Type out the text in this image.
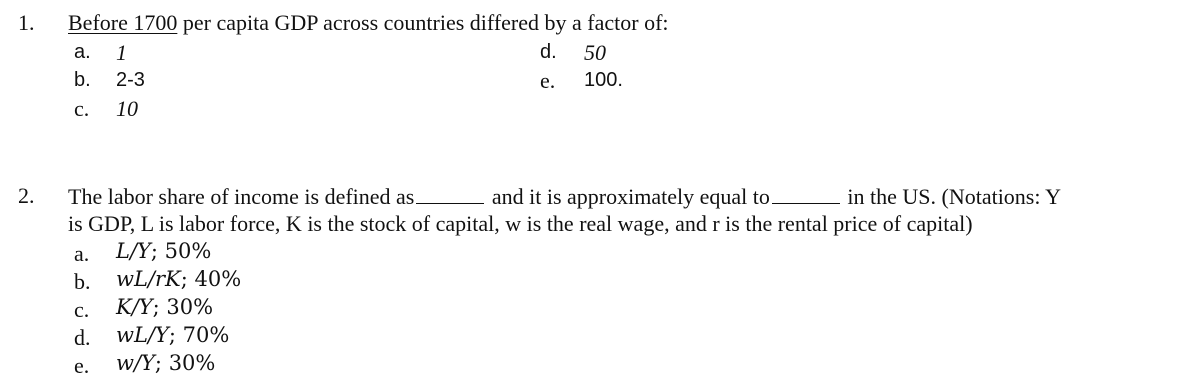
1. Before 1700 per capita GDP across countries differed by a factor of:
a. 1
b. 2-3
c. 10
d. 50
e. 100.
2. The labor share of income is defined as	and it is approximately equal to	in the US. (Notations: Y
is GDP, L is labor force, K is the stock of capital, w is the real wage, and r is the rental price of capital)
a. L/Y; 50%
b. wL/rK; 40%
c. K/Y; 30%
d. wL/Y; 70%
e. w/Y; 30%
